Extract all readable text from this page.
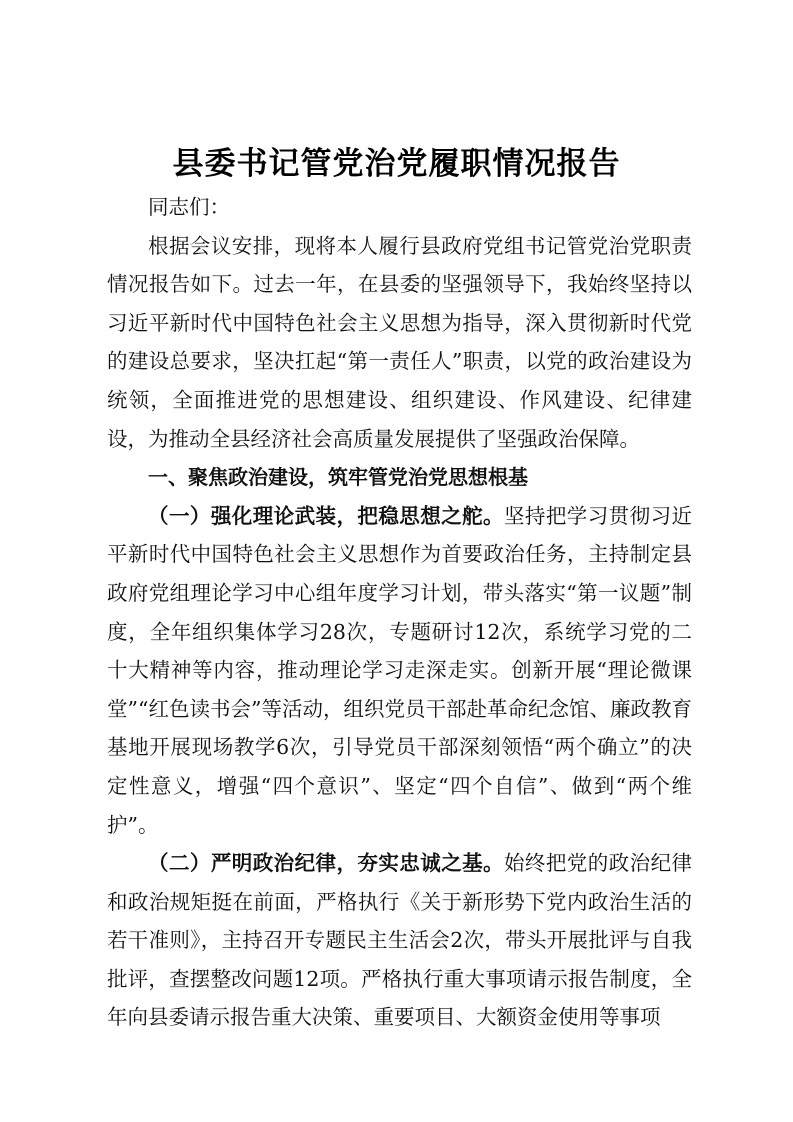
县委书记管党治党履职情况报告

同志们：

根据会议安排，现将本人履行县政府党组书记管党治党职责情况报告如下。过去一年，在县委的坚强领导下，我始终坚持以习近平新时代中国特色社会主义思想为指导，深入贯彻新时代党的建设总要求，坚决扛起“第一责任人”职责，以党的政治建设为统领，全面推进党的思想建设、组织建设、作风建设、纪律建设，为推动全县经济社会高质量发展提供了坚强政治保障。

一、聚焦政治建设，筑牢管党治党思想根基

（一）强化理论武装，把稳思想之舵。坚持把学习贯彻习近平新时代中国特色社会主义思想作为首要政治任务，主持制定县政府党组理论学习中心组年度学习计划，带头落实“第一议题”制度，全年组织集体学习28次，专题研讨12次，系统学习党的二十大精神等内容，推动理论学习走深走实。创新开展“理论微课堂”“红色读书会”等活动，组织党员干部赴革命纪念馆、廉政教育基地开展现场教学6次，引导党员干部深刻领悟“两个确立”的决定性意义，增强“四个意识”、坚定“四个自信”、做到“两个维护”。

（二）严明政治纪律，夯实忠诚之基。始终把党的政治纪律和政治规矩挺在前面，严格执行《关于新形势下党内政治生活的若干准则》，主持召开专题民主生活会2次，带头开展批评与自我批评，查摆整改问题12项。严格执行重大事项请示报告制度，全年向县委请示报告重大决策、重要项目、大额资金使用等事项
